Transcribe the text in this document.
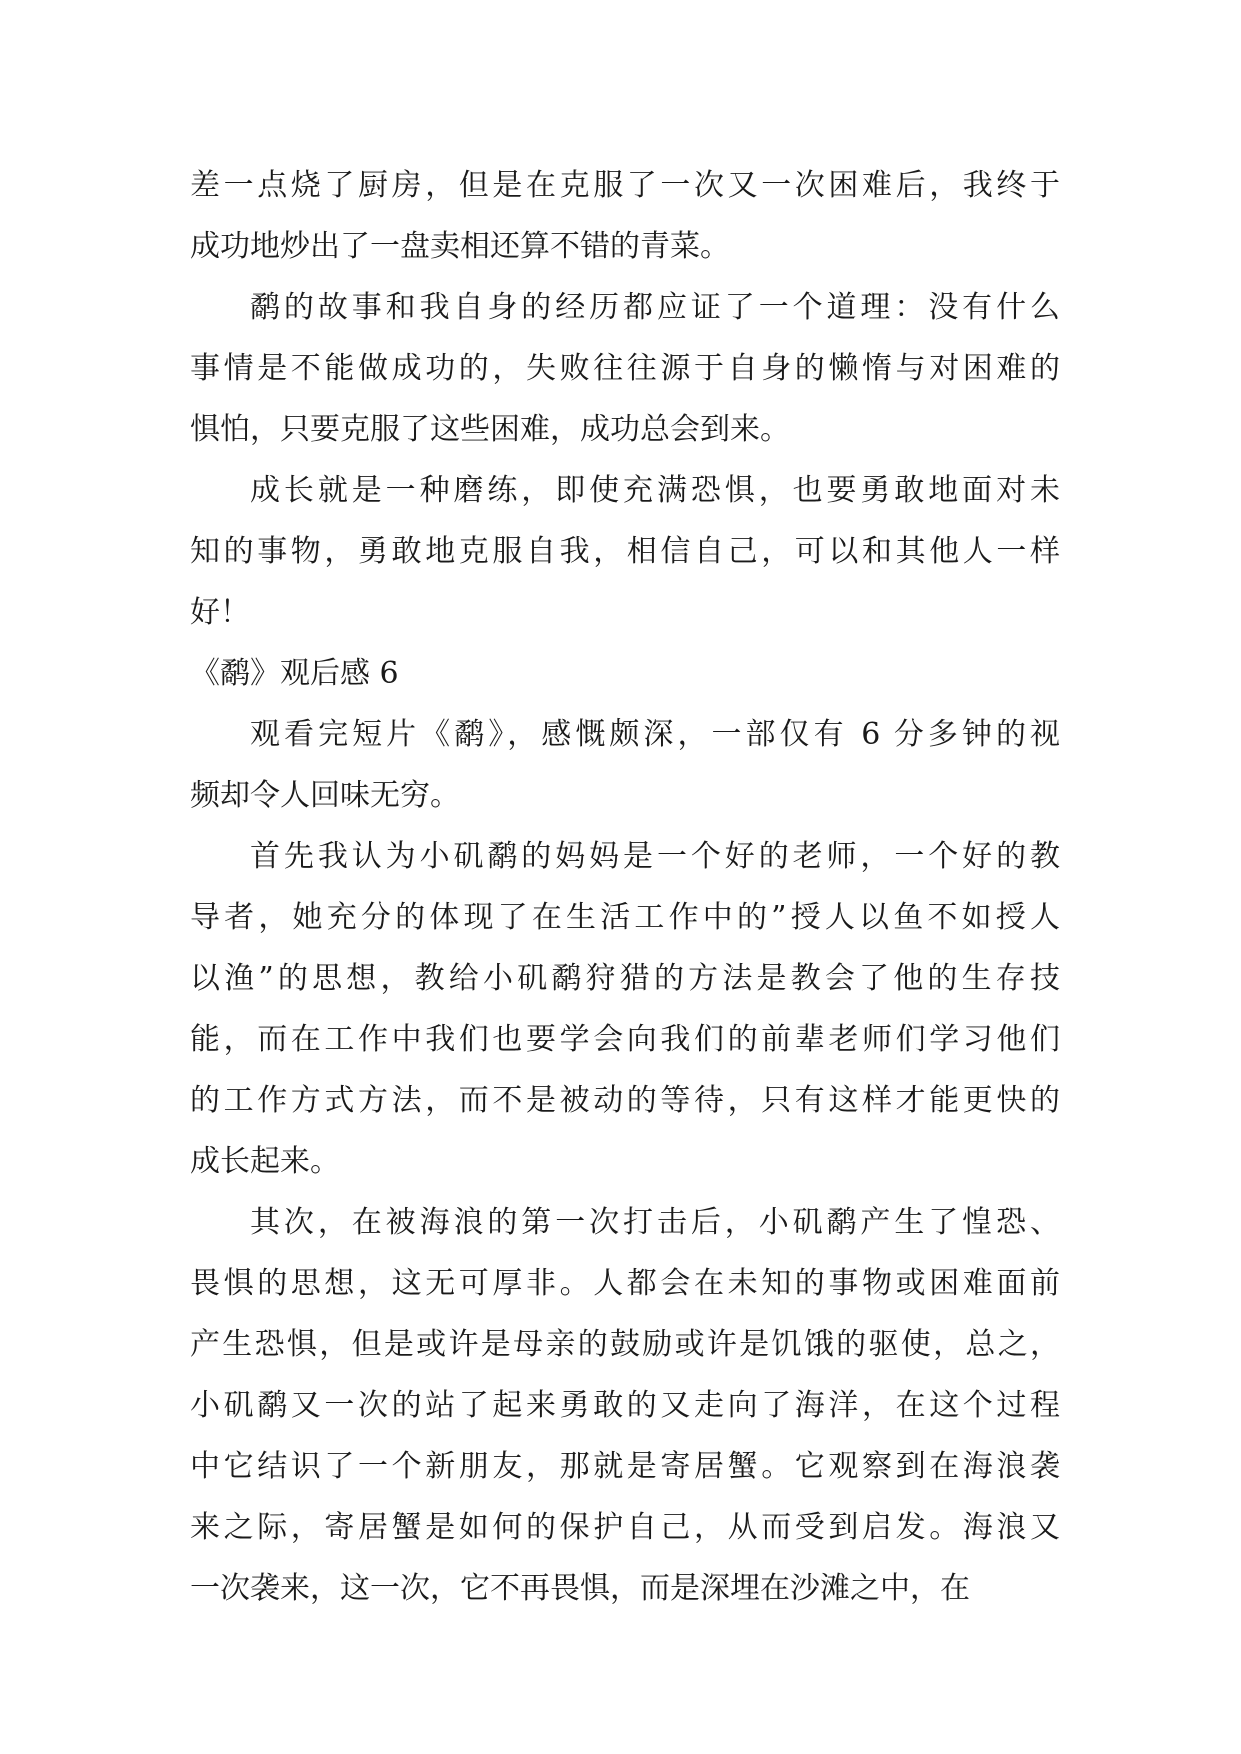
差一点烧了厨房，但是在克服了一次又一次困难后，我终于
成功地炒出了一盘卖相还算不错的青菜。
鹬的故事和我自身的经历都应证了一个道理：没有什么
事情是不能做成功的，失败往往源于自身的懒惰与对困难的
惧怕，只要克服了这些困难，成功总会到来。
成长就是一种磨练，即使充满恐惧，也要勇敢地面对未
知的事物，勇敢地克服自我，相信自己，可以和其他人一样
好！
《鹬》观后感 6
观看完短片《鹬》，感慨颇深，一部仅有 6 分多钟的视
频却令人回味无穷。
首先我认为小矶鹬的妈妈是一个好的老师，一个好的教
导者，她充分的体现了在生活工作中的”授人以鱼不如授人
以渔”的思想，教给小矶鹬狩猎的方法是教会了他的生存技
能，而在工作中我们也要学会向我们的前辈老师们学习他们
的工作方式方法，而不是被动的等待，只有这样才能更快的
成长起来。
其次，在被海浪的第一次打击后，小矶鹬产生了惶恐、
畏惧的思想，这无可厚非。人都会在未知的事物或困难面前
产生恐惧，但是或许是母亲的鼓励或许是饥饿的驱使，总之，
小矶鹬又一次的站了起来勇敢的又走向了海洋，在这个过程
中它结识了一个新朋友，那就是寄居蟹。它观察到在海浪袭
来之际，寄居蟹是如何的保护自己，从而受到启发。海浪又
一次袭来，这一次，它不再畏惧，而是深埋在沙滩之中，在
